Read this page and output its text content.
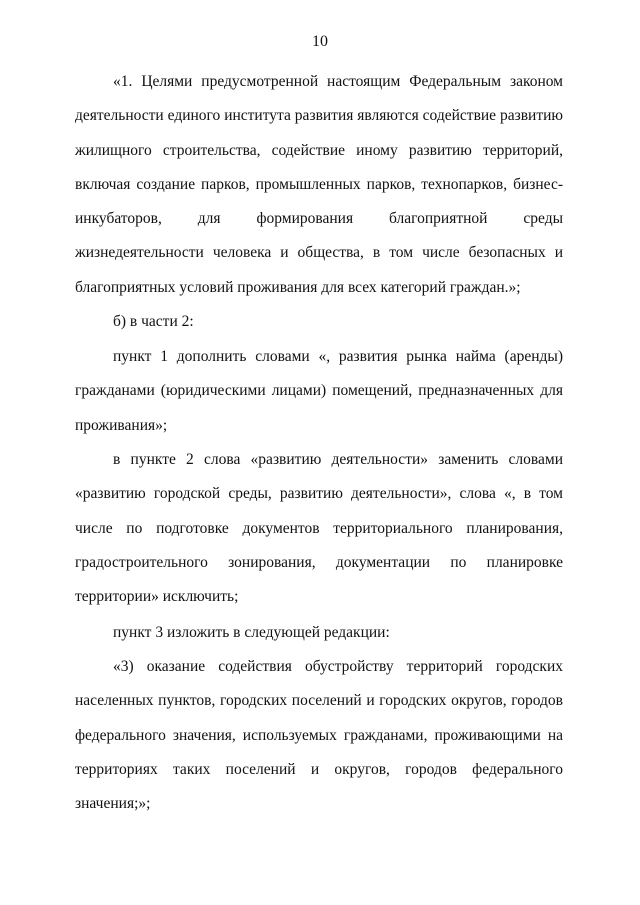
10

«1. Целями предусмотренной настоящим Федеральным законом деятельности единого института развития являются содействие развитию жилищного строительства, содействие иному развитию территорий, включая создание парков, промышленных парков, технопарков, бизнес-инкубаторов, для формирования благоприятной среды жизнедеятельности человека и общества, в том числе безопасных и благоприятных условий проживания для всех категорий граждан.»;

б) в части 2:

пункт 1 дополнить словами «, развития рынка найма (аренды) гражданами (юридическими лицами) помещений, предназначенных для проживания»;

в пункте 2 слова «развитию деятельности» заменить словами «развитию городской среды, развитию деятельности», слова «, в том числе по подготовке документов территориального планирования, градостроительного зонирования, документации по планировке территории» исключить;

пункт 3 изложить в следующей редакции:

«3) оказание содействия обустройству территорий городских населенных пунктов, городских поселений и городских округов, городов федерального значения, используемых гражданами, проживающими на территориях таких поселений и округов, городов федерального значения;»;
